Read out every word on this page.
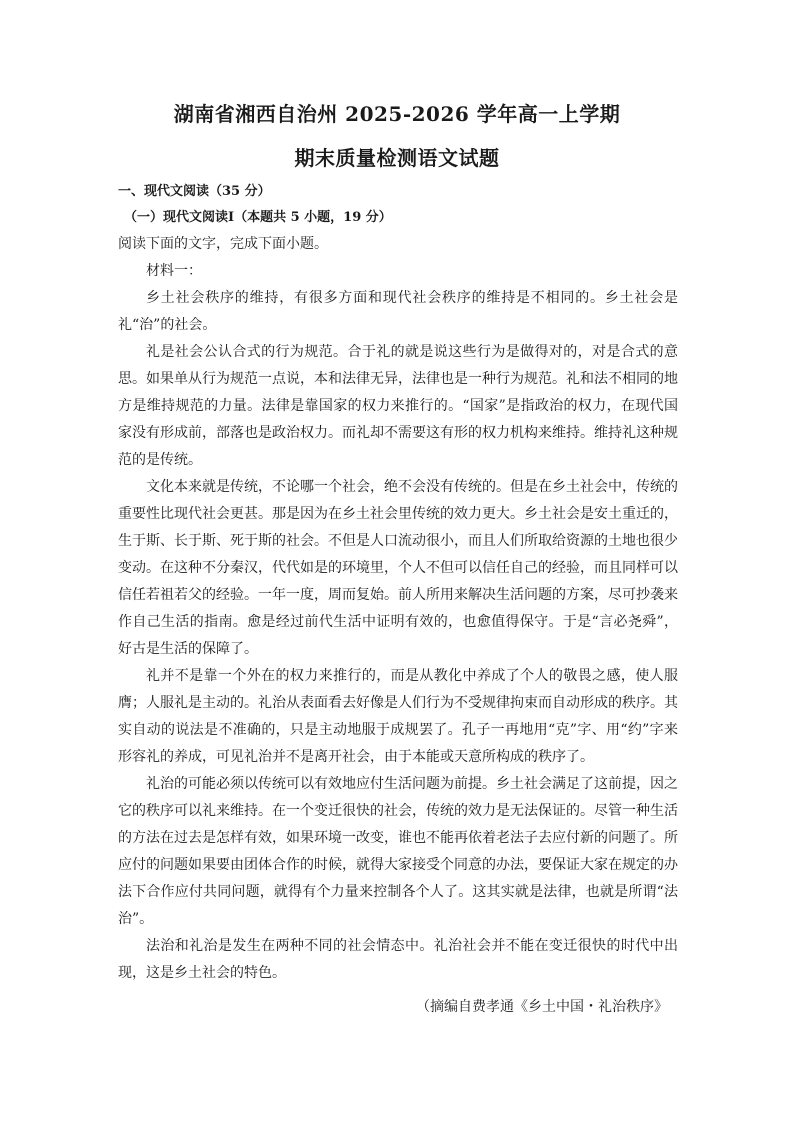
湖南省湘西自治州 2025-2026 学年高一上学期
期末质量检测语文试题
一、现代文阅读（35 分）
（一）现代文阅读Ⅰ（本题共 5 小题，19 分）
阅读下面的文字，完成下面小题。
材料一：

乡土社会秩序的维持，有很多方面和现代社会秩序的维持是不相同的。乡土社会是礼“治”的社会。

礼是社会公认合式的行为规范。合于礼的就是说这些行为是做得对的，对是合式的意思。如果单从行为规范一点说，本和法律无异，法律也是一种行为规范。礼和法不相同的地方是维持规范的力量。法律是靠国家的权力来推行的。“国家”是指政治的权力，在现代国家没有形成前，部落也是政治权力。而礼却不需要这有形的权力机构来维持。维持礼这种规范的是传统。

文化本来就是传统，不论哪一个社会，绝不会没有传统的。但是在乡土社会中，传统的重要性比现代社会更甚。那是因为在乡土社会里传统的效力更大。乡土社会是安土重迁的，生于斯、长于斯、死于斯的社会。不但是人口流动很小，而且人们所取给资源的土地也很少变动。在这种不分秦汉，代代如是的环境里，个人不但可以信任自己的经验，而且同样可以信任若祖若父的经验。一年一度，周而复始。前人所用来解决生活问题的方案，尽可抄袭来作自己生活的指南。愈是经过前代生活中证明有效的，也愈值得保守。于是“言必尧舜”，好古是生活的保障了。

礼并不是靠一个外在的权力来推行的，而是从教化中养成了个人的敬畏之感，使人服膺；人服礼是主动的。礼治从表面看去好像是人们行为不受规律拘束而自动形成的秩序。其实自动的说法是不准确的，只是主动地服于成规罢了。孔子一再地用“克”字、用“约”字来形容礼的养成，可见礼治并不是离开社会，由于本能或天意所构成的秩序了。

礼治的可能必须以传统可以有效地应付生活问题为前提。乡土社会满足了这前提，因之它的秩序可以礼来维持。在一个变迁很快的社会，传统的效力是无法保证的。尽管一种生活的方法在过去是怎样有效，如果环境一改变，谁也不能再依着老法子去应付新的问题了。所应付的问题如果要由团体合作的时候，就得大家接受个同意的办法，要保证大家在规定的办法下合作应付共同问题，就得有个力量来控制各个人了。这其实就是法律，也就是所谓“法治”。

法治和礼治是发生在两种不同的社会情态中。礼治社会并不能在变迁很快的时代中出现，这是乡土社会的特色。

（摘编自费孝通《乡土中国・礼治秩序》
